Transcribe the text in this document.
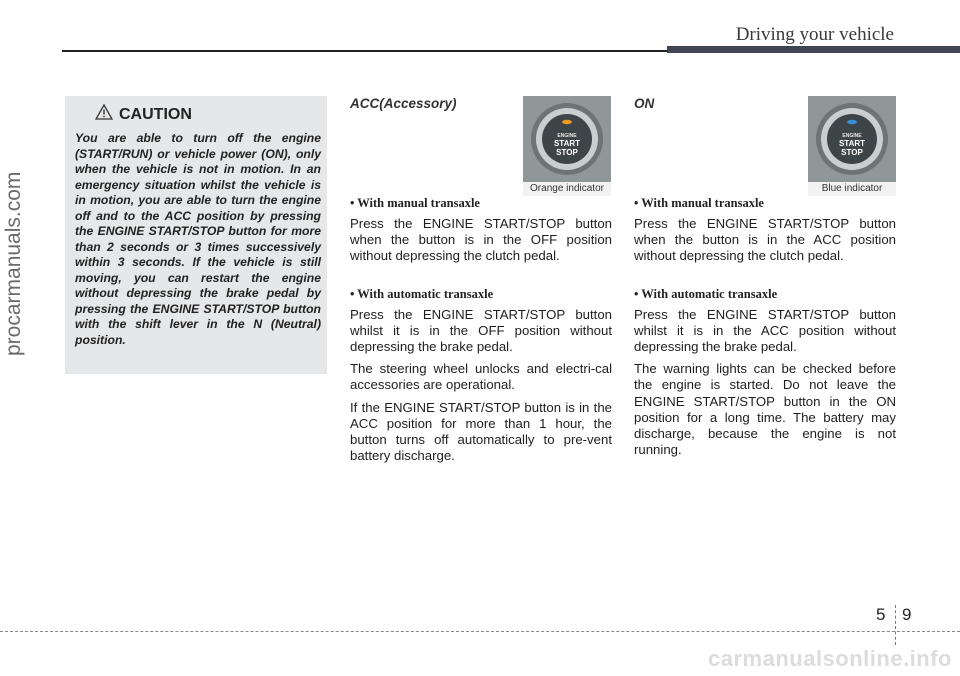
Driving your vehicle
procarmanuals.com
CAUTION
You are able to turn off the engine (START/RUN) or vehicle power (ON), only when the vehicle is not in motion. In an emergency situation whilst the vehicle is in motion, you are able to turn the engine off and to the ACC position by pressing the ENGINE START/STOP button for more than 2 seconds or 3 times successively within 3 seconds. If the vehicle is still moving, you can restart the engine without depressing the brake pedal by pressing the ENGINE START/STOP button with the shift lever in the N (Neutral) position.
ACC(Accessory)
ENGINE
START
STOP
Orange indicator

• With manual transaxle

Press the ENGINE START/STOP button when the button is in the OFF position without depressing the clutch pedal.

• With automatic transaxle

Press the ENGINE START/STOP button whilst it is in the OFF position without depressing the brake pedal.

The steering wheel unlocks and electri-cal accessories are operational.

If the ENGINE START/STOP button is in the ACC position for more than 1 hour, the button turns off automatically to pre-vent battery discharge.

ON
ENGINE
START
STOP
Blue indicator

• With manual transaxle

Press the ENGINE START/STOP button when the button is in the ACC position without depressing the clutch pedal.

• With automatic transaxle

Press the ENGINE START/STOP button whilst it is in the ACC position without depressing the brake pedal.

The warning lights can be checked before the engine is started. Do not leave the ENGINE START/STOP button in the ON position for a long time. The battery may discharge, because the engine is not running.

5 9
carmanualsonline.info
